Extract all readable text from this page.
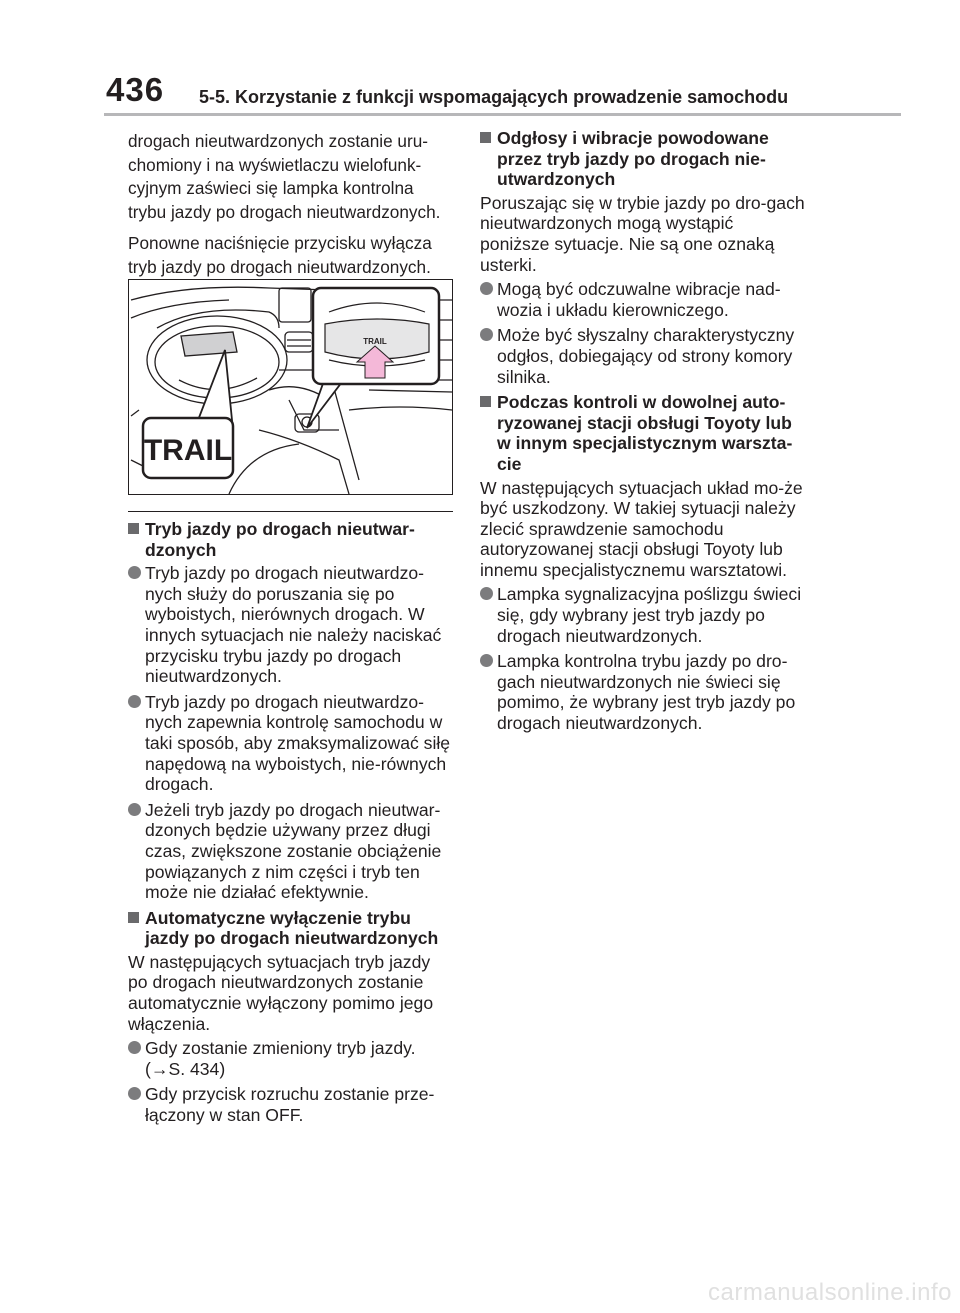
436 5-5. Korzystanie z funkcji wspomagających prowadzenie samochodu

drogach nieutwardzonych zostanie uru-chomiony i na wyświetlaczu wielofunk-cyjnym zaświeci się lampka kontrolna trybu jazdy po drogach nieutwardzonych.

Ponowne naciśnięcie przycisku wyłącza tryb jazdy po drogach nieutwardzonych.

TRAIL
TRAIL
Tryb jazdy po drogach nieutwar-dzonych
Tryb jazdy po drogach nieutwardzo-nych służy do poruszania się po wyboistych, nierównych drogach. W innych sytuacjach nie należy naciskać przycisku trybu jazdy po drogach nieutwardzonych.
Tryb jazdy po drogach nieutwardzo-nych zapewnia kontrolę samochodu w taki sposób, aby zmaksymalizować siłę napędową na wyboistych, nie-równych drogach.
Jeżeli tryb jazdy po drogach nieutwar-dzonych będzie używany przez długi czas, zwiększone zostanie obciążenie powiązanych z nim części i tryb ten może nie działać efektywnie.
Automatyczne wyłączenie trybu jazdy po drogach nieutwardzonych

W następujących sytuacjach tryb jazdy po drogach nieutwardzonych zostanie automatycznie wyłączony pomimo jego włączenia.

Gdy zostanie zmieniony tryb jazdy. (→S. 434)
Gdy przycisk rozruchu zostanie prze-łączony w stan OFF.
Odgłosy i wibracje powodowane przez tryb jazdy po drogach nie-utwardzonych

Poruszając się w trybie jazdy po dro-gach nieutwardzonych mogą wystąpić poniższe sytuacje. Nie są one oznaką usterki.

Mogą być odczuwalne wibracje nad-wozia i układu kierowniczego.
Może być słyszalny charakterystyczny odgłos, dobiegający od strony komory silnika.
Podczas kontroli w dowolnej auto-ryzowanej stacji obsługi Toyoty lub w innym specjalistycznym warszta-cie

W następujących sytuacjach układ mo-że być uszkodzony. W takiej sytuacji należy zlecić sprawdzenie samochodu autoryzowanej stacji obsługi Toyoty lub innemu specjalistycznemu warsztatowi.

Lampka sygnalizacyjna poślizgu świeci się, gdy wybrany jest tryb jazdy po drogach nieutwardzonych.
Lampka kontrolna trybu jazdy po dro-gach nieutwardzonych nie świeci się pomimo, że wybrany jest tryb jazdy po drogach nieutwardzonych.
carmanualsonline.info
